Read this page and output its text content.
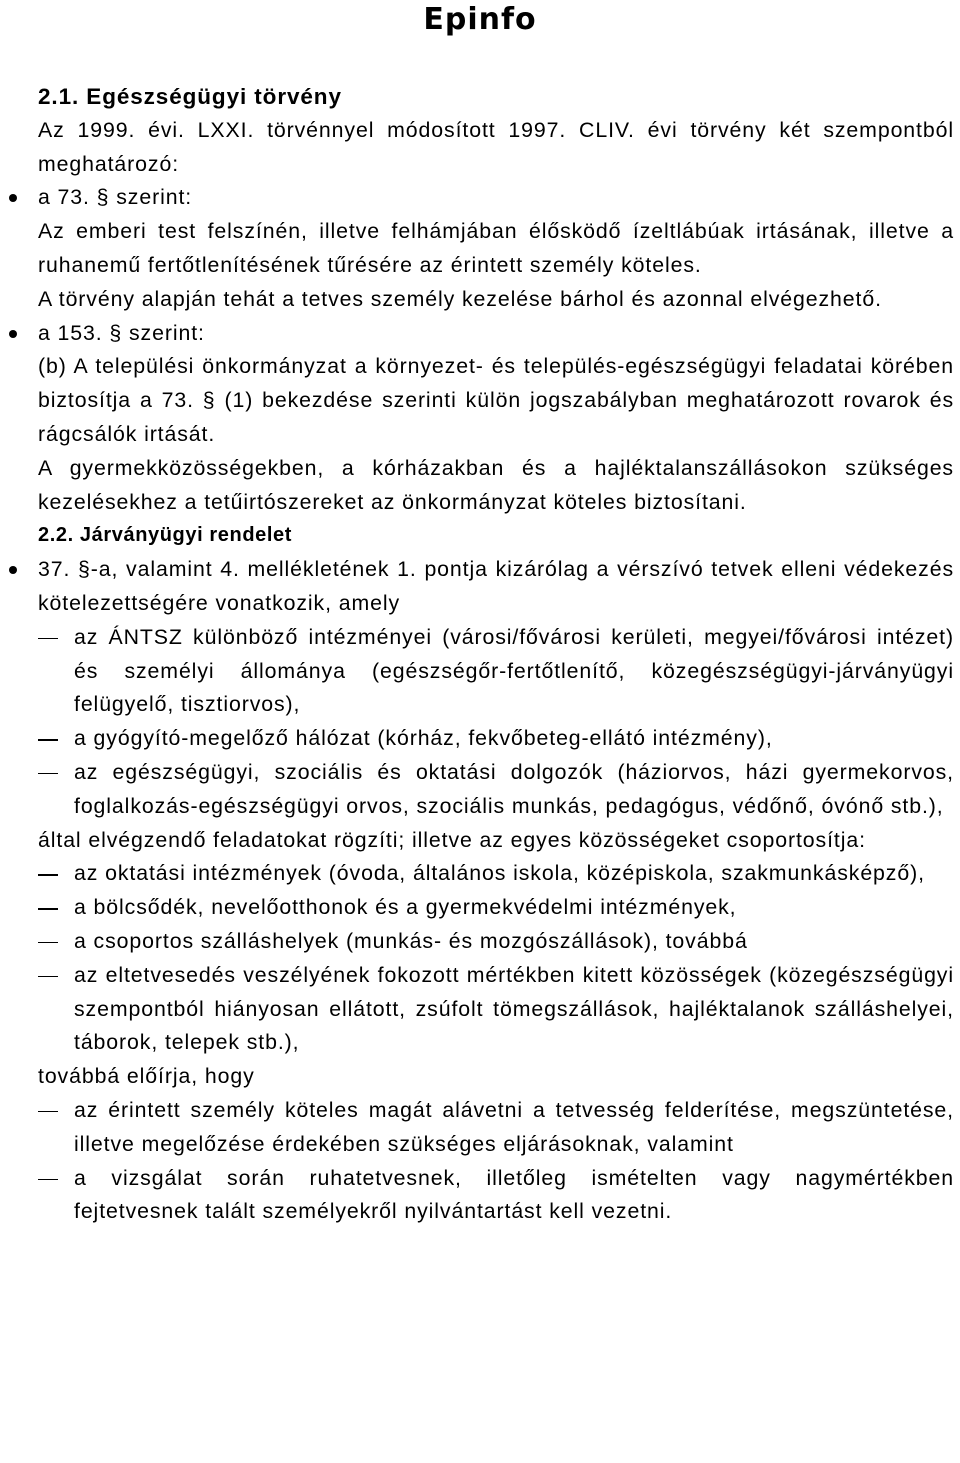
Epinfo

2.1. Egészségügyi törvény

Az 1999. évi. LXXI. törvénnyel módosított 1997. CLIV. évi törvény két szempontból meghatározó:

a 73. § szerint:

Az emberi test felszínén, illetve felhámjában élősködő ízeltlábúak irtásának, illetve a ruhanemű fertőtlenítésének tűrésére az érintett személy köteles.

A törvény alapján tehát a tetves személy kezelése bárhol és azonnal elvégezhető.

a 153. § szerint:

(b) A települési önkormányzat a környezet- és település-egészségügyi feladatai körében biztosítja a 73. § (1) bekezdése szerinti külön jogszabályban meghatározott rovarok és rágcsálók irtását.

A gyermekközösségekben, a kórházakban és a hajléktalanszállásokon szükséges kezelésekhez a tetűirtószereket az önkormányzat köteles biztosítani.

2.2. Járványügyi rendelet

37. §-a, valamint 4. mellékletének 1. pontja kizárólag a vérszívó tetvek elleni védekezés kötelezettségére vonatkozik, amely

az ÁNTSZ különböző intézményei (városi/fővárosi kerületi, megyei/fővárosi intézet) és személyi állománya (egészségőr-fertőtlenítő, közegészségügyi-járványügyi felügyelő, tisztiorvos),

a gyógyító-megelőző hálózat (kórház, fekvőbeteg-ellátó intézmény),

az egészségügyi, szociális és oktatási dolgozók (háziorvos, házi gyermekorvos, foglalkozás-egészségügyi orvos, szociális munkás, pedagógus, védőnő, óvónő stb.),

által elvégzendő feladatokat rögzíti; illetve az egyes közösségeket csoportosítja:

az oktatási intézmények (óvoda, általános iskola, középiskola, szakmunkásképző),

a bölcsődék, nevelőotthonok és a gyermekvédelmi intézmények,

a csoportos szálláshelyek (munkás- és mozgószállások), továbbá

az eltetvesedés veszélyének fokozott mértékben kitett közösségek (közegészségügyi szempontból hiányosan ellátott, zsúfolt tömegszállások, hajléktalanok szálláshelyei, táborok, telepek stb.),

továbbá előírja, hogy

az érintett személy köteles magát alávetni a tetvesség felderítése, megszüntetése, illetve megelőzése érdekében szükséges eljárásoknak, valamint

a vizsgálat során ruhatetvesnek, illetőleg ismételten vagy nagymértékben fejtetvesnek talált személyekről nyilvántartást kell vezetni.
